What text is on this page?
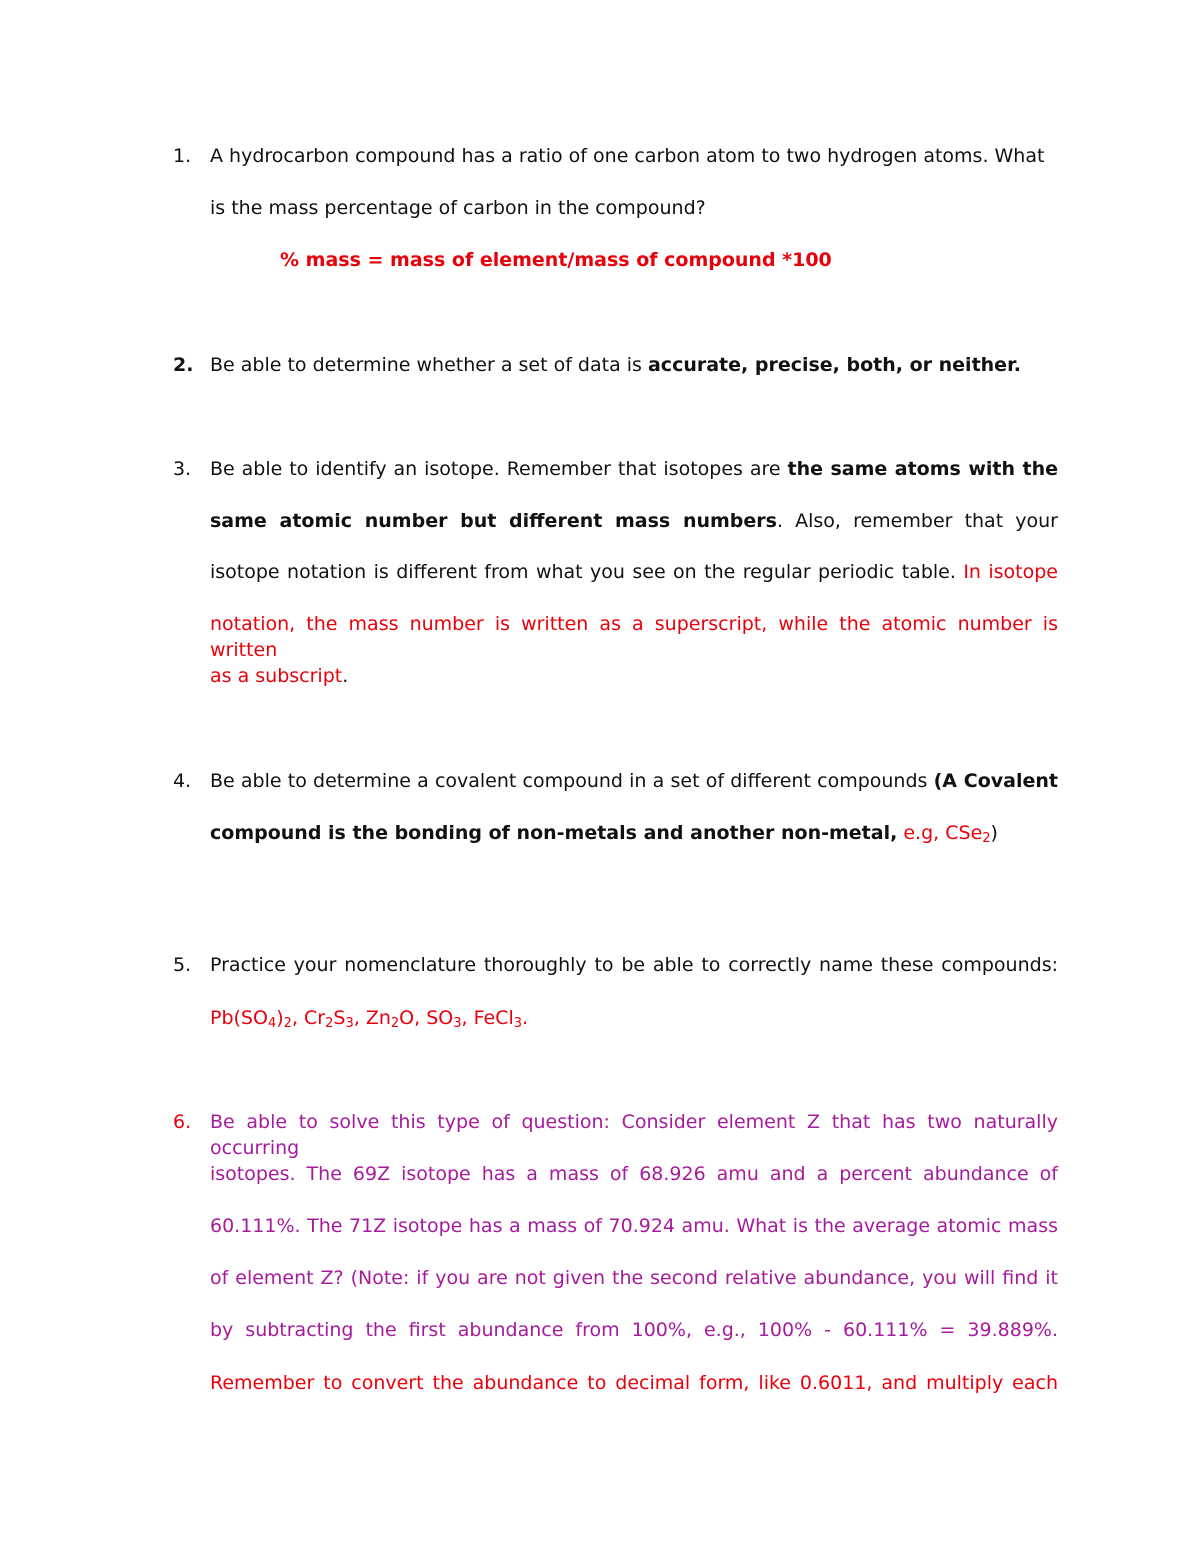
1. A hydrocarbon compound has a ratio of one carbon atom to two hydrogen atoms. What
is the mass percentage of carbon in the compound?
% mass = mass of element/mass of compound *100
2. Be able to determine whether a set of data is accurate, precise, both, or neither.
3. Be able to identify an isotope. Remember that isotopes are the same atoms with the
same atomic number but different mass numbers. Also, remember that your
isotope notation is different from what you see on the regular periodic table. In isotope
notation, the mass number is written as a superscript, while the atomic number is written
as a subscript.
4. Be able to determine a covalent compound in a set of different compounds (A Covalent
compound is the bonding of non-metals and another non-metal, e.g, CSe$_2$)
5. Practice your nomenclature thoroughly to be able to correctly name these compounds:
$Pb(SO_4)_2$, $Cr_2S_3$, $Zn_2O$, $SO_3$, FeCl$_3$.
6. Be able to solve this type of question: Consider element Z that has two naturally occurring
isotopes. The 69Z isotope has a mass of 68.926 amu and a percent abundance of
60.111%. The 71Z isotope has a mass of 70.924 amu. What is the average atomic mass
of element Z? (Note: if you are not given the second relative abundance, you will find it
by subtracting the first abundance from 100%, e.g., 100% - 60.111% = 39.889%.
Remember to convert the abundance to decimal form, like 0.6011, and multiply each
